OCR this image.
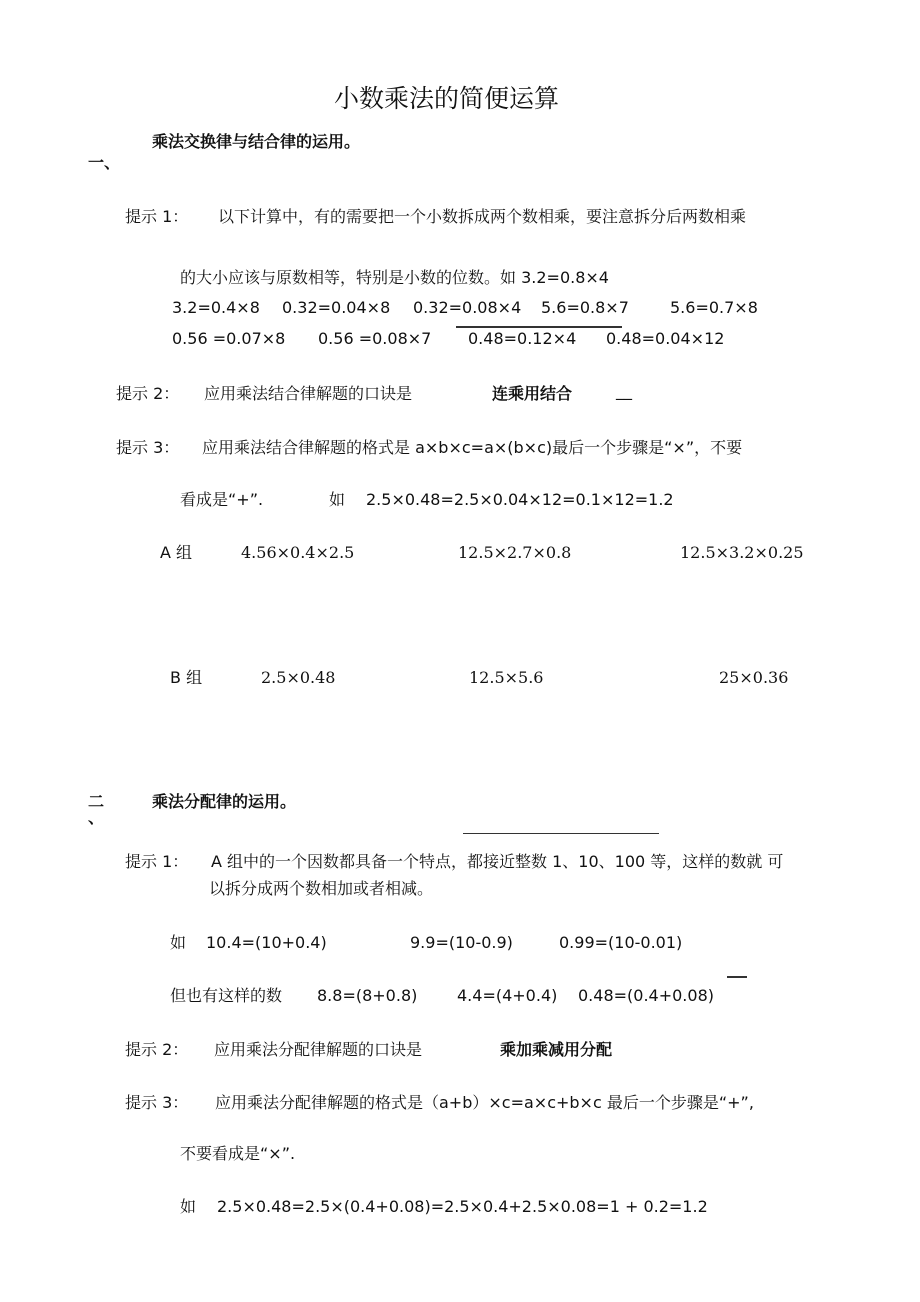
小数乘法的简便运算
一、
乘法交换律与结合律的运用。
提示 1： 以下计算中，有的需要把一个小数拆成两个数相乘，要注意拆分后两数相乘
的大小应该与原数相等，特别是小数的位数。如 3.2=0.8×4
3.2=0.4×8 0.32=0.04×8 0.32=0.08×4 5.6=0.8×7	5.6=0.7×8
0.56 =0.07×8 0.56 =0.08×7 0.48=0.12×4 0.48=0.04×12
提示 2： 应用乘法结合律解题的口诀是	连乘用结合	__
提示 3： 应用乘法结合律解题的格式是 a×b×c=a×(b×c)最后一个步骤是“×”，不要
看成是“+”.	如 2.5×0.48=2.5×0.04×12=0.1×12=1.2
A 组	4.56×0.4×2.5	12.5×2.7×0.8	12.5×3.2×0.25
B 组	2.5×0.48	12.5×5.6	25×0.36
二
、
乘法分配律的运用。
提示 1： A 组中的一个因数都具备一个特点，都接近整数 1、10、100 等，这样的数就 可
以拆分成两个数相加或者相减。
如 10.4=(10+0.4)	9.9=(10-0.9)	0.99=(10-0.01)
但也有这样的数 8.8=(8+0.8) 4.4=(4+0.4) 0.48=(0.4+0.08)
提示 2： 应用乘法分配律解题的口诀是	乘加乘减用分配
提示 3： 应用乘法分配律解题的格式是（a+b）×c=a×c+b×c 最后一个步骤是“+”,
不要看成是“×”.
如 2.5×0.48=2.5×(0.4+0.08)=2.5×0.4+2.5×0.08=1 + 0.2=1.2
